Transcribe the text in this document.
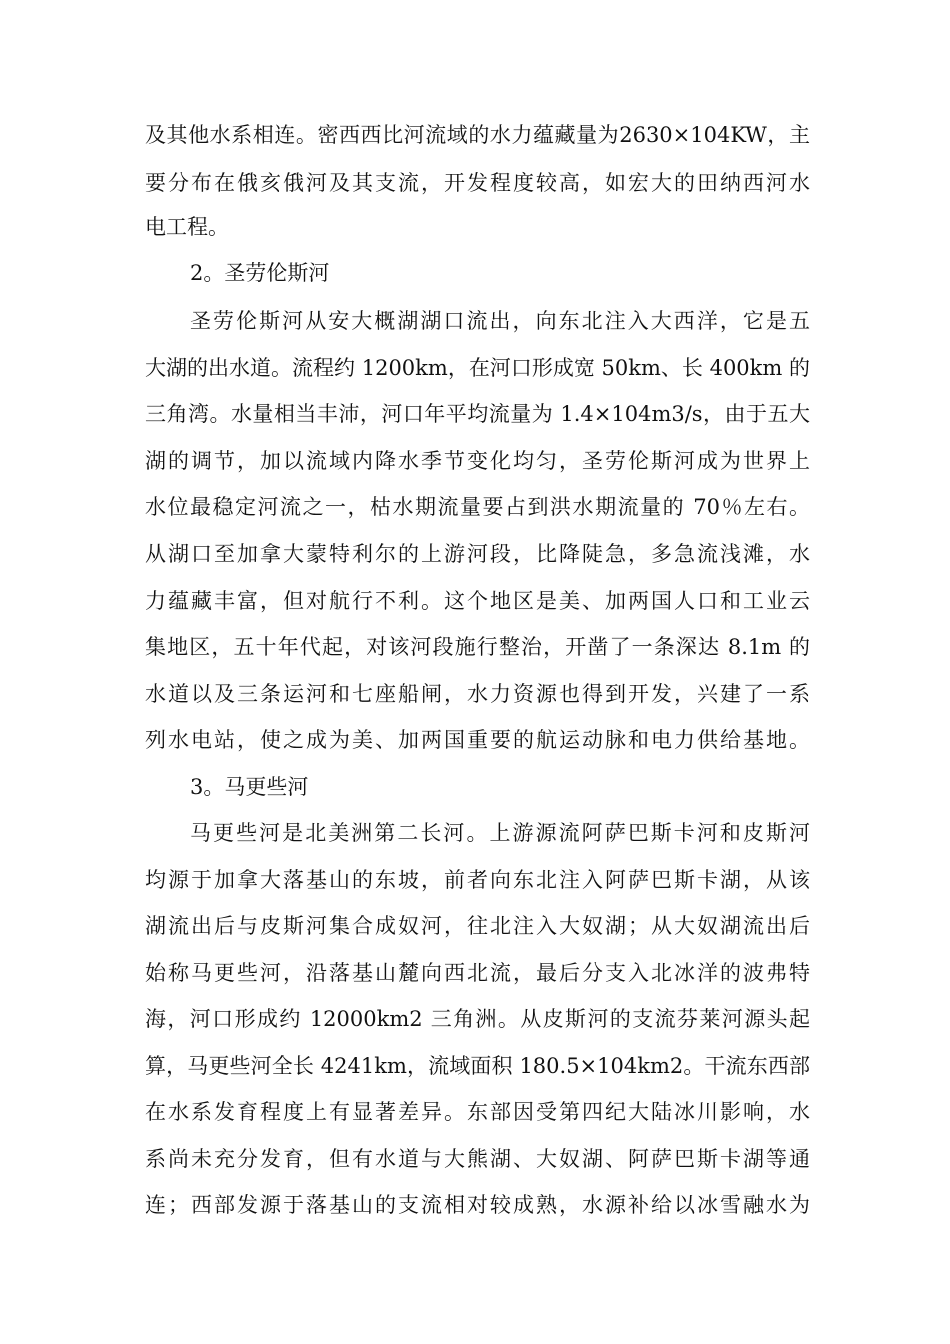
及其他水系相连。密西西比河流域的水力蕴藏量为2630×104KW，主
要分布在俄亥俄河及其支流，开发程度较高，如宏大的田纳西河水
电工程。
2。圣劳伦斯河
圣劳伦斯河从安大概湖湖口流出，向东北注入大西洋，它是五
大湖的出水道。流程约 1200km，在河口形成宽 50km、长 400km 的
三角湾。水量相当丰沛，河口年平均流量为 1.4×104m3/s，由于五大
湖的调节，加以流域内降水季节变化均匀，圣劳伦斯河成为世界上
水位最稳定河流之一，枯水期流量要占到洪水期流量的 70％左右。
从湖口至加拿大蒙特利尔的上游河段，比降陡急，多急流浅滩，水
力蕴藏丰富，但对航行不利。这个地区是美、加两国人口和工业云
集地区，五十年代起，对该河段施行整治，开凿了一条深达 8.1m 的
水道以及三条运河和七座船闸，水力资源也得到开发，兴建了一系
列水电站，使之成为美、加两国重要的航运动脉和电力供给基地。
3。马更些河
马更些河是北美洲第二长河。上游源流阿萨巴斯卡河和皮斯河
均源于加拿大落基山的东坡，前者向东北注入阿萨巴斯卡湖，从该
湖流出后与皮斯河集合成奴河，往北注入大奴湖；从大奴湖流出后
始称马更些河，沿落基山麓向西北流，最后分支入北冰洋的波弗特
海，河口形成约 12000km2 三角洲。从皮斯河的支流芬莱河源头起
算，马更些河全长 4241km，流域面积 180.5×104km2。干流东西部
在水系发育程度上有显著差异。东部因受第四纪大陆冰川影响，水
系尚未充分发育，但有水道与大熊湖、大奴湖、阿萨巴斯卡湖等通
连；西部发源于落基山的支流相对较成熟，水源补给以冰雪融水为
